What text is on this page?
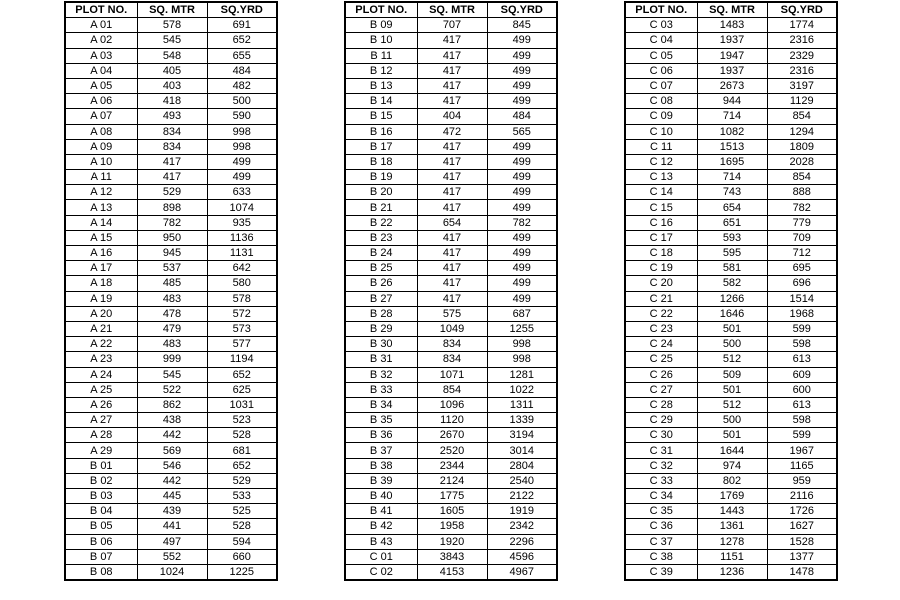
PLOT NO.	SQ. MTR	SQ.YRD
A 01	578	691
A 02	545	652
A 03	548	655
A 04	405	484
A 05	403	482
A 06	418	500
A 07	493	590
A 08	834	998
A 09	834	998
A 10	417	499
A 11	417	499
A 12	529	633
A 13	898	1074
A 14	782	935
A 15	950	1136
A 16	945	1131
A 17	537	642
A 18	485	580
A 19	483	578
A 20	478	572
A 21	479	573
A 22	483	577
A 23	999	1194
A 24	545	652
A 25	522	625
A 26	862	1031
A 27	438	523
A 28	442	528
A 29	569	681
B 01	546	652
B 02	442	529
B 03	445	533
B 04	439	525
B 05	441	528
B 06	497	594
B 07	552	660
B 08	1024	1225
PLOT NO.	SQ. MTR	SQ.YRD
B 09	707	845
B 10	417	499
B 11	417	499
B 12	417	499
B 13	417	499
B 14	417	499
B 15	404	484
B 16	472	565
B 17	417	499
B 18	417	499
B 19	417	499
B 20	417	499
B 21	417	499
B 22	654	782
B 23	417	499
B 24	417	499
B 25	417	499
B 26	417	499
B 27	417	499
B 28	575	687
B 29	1049	1255
B 30	834	998
B 31	834	998
B 32	1071	1281
B 33	854	1022
B 34	1096	1311
B 35	1120	1339
B 36	2670	3194
B 37	2520	3014
B 38	2344	2804
B 39	2124	2540
B 40	1775	2122
B 41	1605	1919
B 42	1958	2342
B 43	1920	2296
C 01	3843	4596
C 02	4153	4967
PLOT NO.	SQ. MTR	SQ.YRD
C 03	1483	1774
C 04	1937	2316
C 05	1947	2329
C 06	1937	2316
C 07	2673	3197
C 08	944	1129
C 09	714	854
C 10	1082	1294
C 11	1513	1809
C 12	1695	2028
C 13	714	854
C 14	743	888
C 15	654	782
C 16	651	779
C 17	593	709
C 18	595	712
C 19	581	695
C 20	582	696
C 21	1266	1514
C 22	1646	1968
C 23	501	599
C 24	500	598
C 25	512	613
C 26	509	609
C 27	501	600
C 28	512	613
C 29	500	598
C 30	501	599
C 31	1644	1967
C 32	974	1165
C 33	802	959
C 34	1769	2116
C 35	1443	1726
C 36	1361	1627
C 37	1278	1528
C 38	1151	1377
C 39	1236	1478
